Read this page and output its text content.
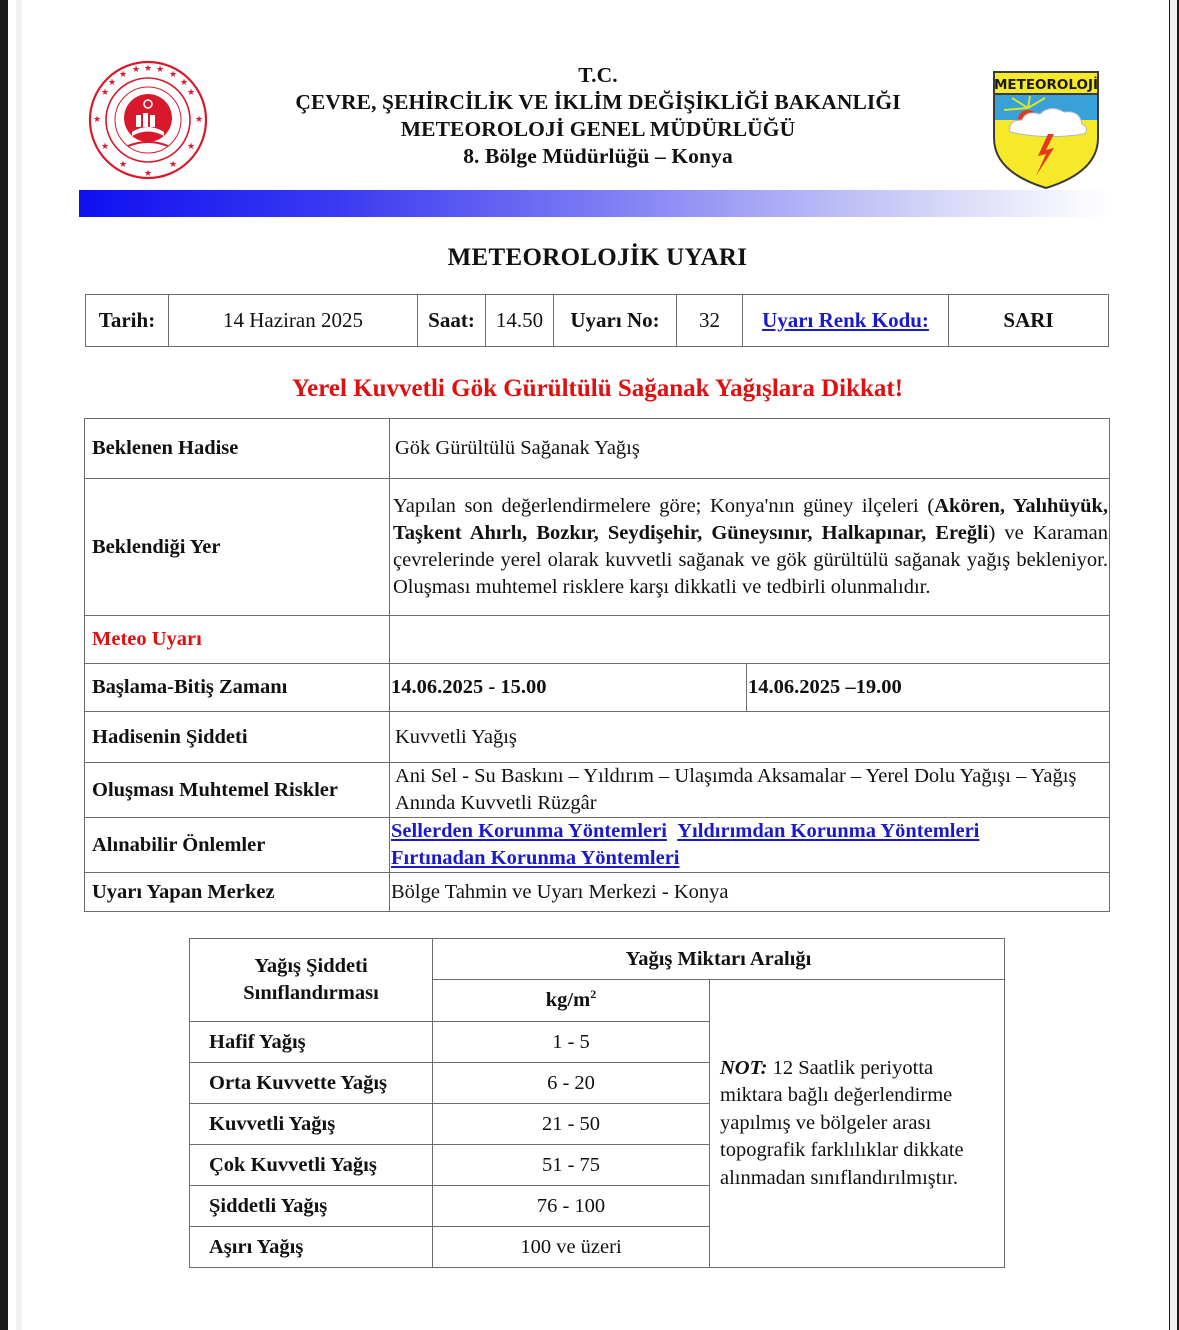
★
★
★
★
★
★
★
★
★
★
★
★	★
★
★
★	T.C.
ÇEVRE, ŞEHİRCİLİK VE İKLİM DEĞİŞİKLİĞİ BAKANLIĞI
METEOROLOJİ GENEL MÜDÜRLÜĞÜ
8. Bölge Müdürlüğü – Konya
METEOROLOJİ
METEOROLOJİK UYARI
Tarih:	14 Haziran 2025	Saat:	14.50	Uyarı No:	32	Uyarı Renk Kodu:	SARI
Yerel Kuvvetli Gök Gürültülü Sağanak Yağışlara Dikkat!
Beklenen Hadise	Gök Gürültülü Sağanak Yağış	
Beklendiği Yer	Yapılan son değerlendirmelere göre; Konya'nın güney ilçeleri (Akören, Yalıhüyük, Taşkent Ahırlı, Bozkır, Seydişehir, Güneysınır, Halkapınar, Ereğli) ve Karaman çevrelerinde yerel olarak kuvvetli sağanak ve gök gürültülü sağanak yağış bekleniyor. Oluşması muhtemel risklere karşı dikkatli ve tedbirli olunmalıdır.	
Meteo Uyarı		
Başlama-Bitiş Zamanı	14.06.2025 - 15.00	14.06.2025 –19.00
Hadisenin Şiddeti	Kuvvetli Yağış	
Oluşması Muhtemel Riskler	Ani Sel - Su Baskını – Yıldırım – Ulaşımda Aksamalar – Yerel Dolu Yağışı – Yağış Anında Kuvvetli Rüzgâr	
Alınabilir Önlemler	Sellerden Korunma Yöntemleri Yıldırımdan Korunma Yöntemleri
Fırtınadan Korunma Yöntemleri	
Uyarı Yapan Merkez	Bölge Tahmin ve Uyarı Merkezi - Konya	
Yağış Şiddeti Sınıflandırması	Yağış Miktarı Aralığı	
	$kg/m^2$	NOT: 12 Saatlik periyotta miktara bağlı değerlendirme yapılmış ve bölgeler arası topografik farklılıklar dikkate alınmadan sınıflandırılmıştır.
Hafif Yağış	1 - 5	
Orta Kuvvette Yağış	6 - 20	
Kuvvetli Yağış	21 - 50	
Çok Kuvvetli Yağış	51 - 75	
Şiddetli Yağış	76 - 100	
Aşırı Yağış	100 ve üzeri	
